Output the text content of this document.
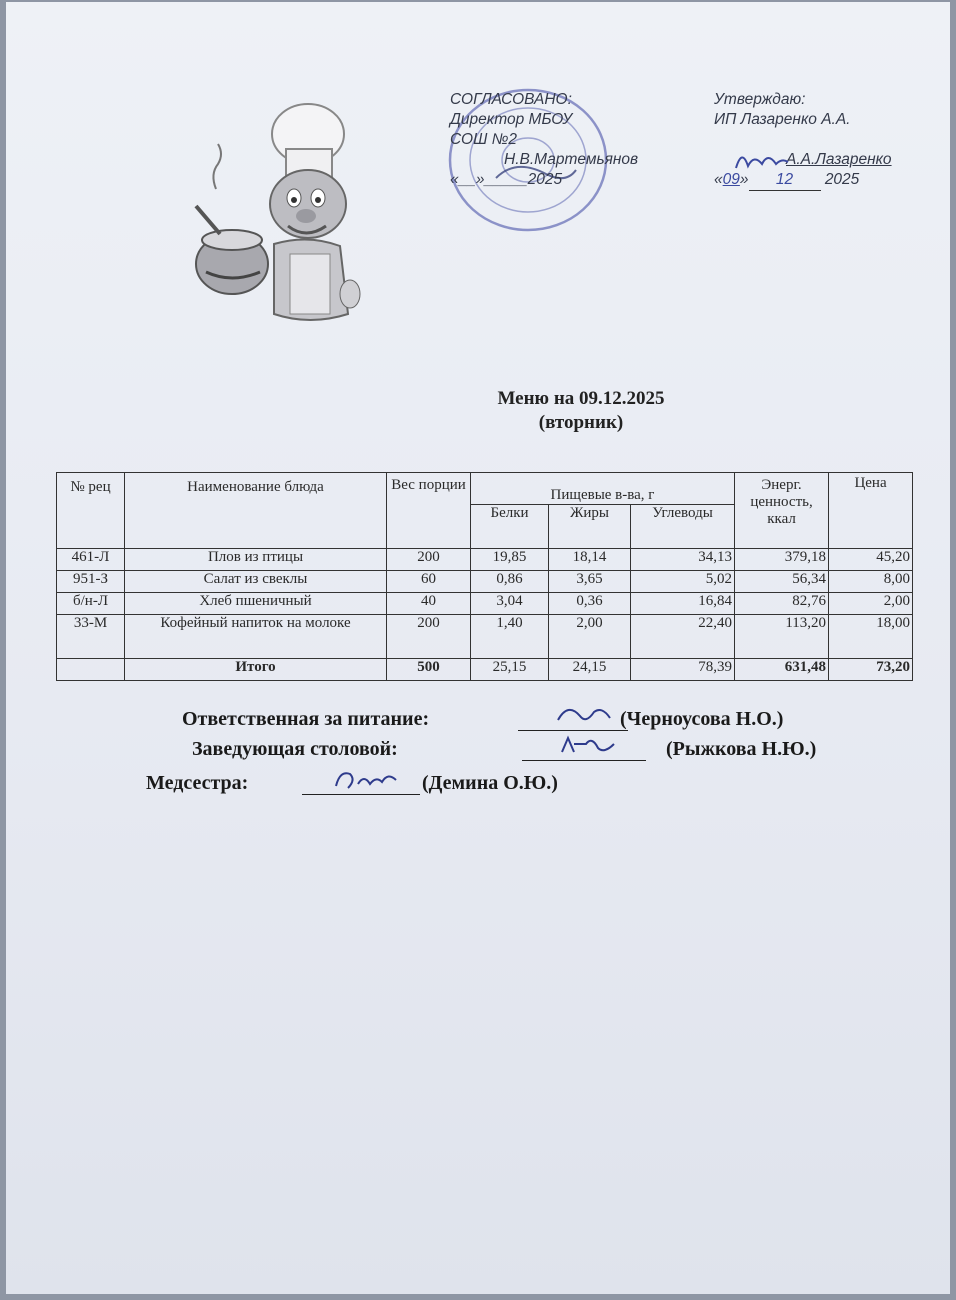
СОГЛАСОВАНО:
Директор МБОУ
СОШ №2
Н.В.Мартемьянов
«__»_____2025
Утверждаю:
ИП Лазаренко А.А.
А.А.Лазаренко
«09» 12 2025
Меню на 09.12.2025
(вторник)
№ рец	Наименование блюда	Вес порции	Пищевые в-ва, г			Энерг. ценность, ккал	Цена
			Белки	Жиры	Углеводы		
461-Л	Плов из птицы	200	19,85	18,14	34,13	379,18	45,20
951-З	Салат из свеклы	60	0,86	3,65	5,02	56,34	8,00
б/н-Л	Хлеб пшеничный	40	3,04	0,36	16,84	82,76	2,00
33-М	Кофейный напиток на молоке	200	1,40	2,00	22,40	113,20	18,00
	Итого	500	25,15	24,15	78,39	631,48	73,20
Ответственная за питание:	(Черноусова Н.О.)
Заведующая столовой:	(Рыжкова Н.Ю.)
Медсестра:	(Демина О.Ю.)
